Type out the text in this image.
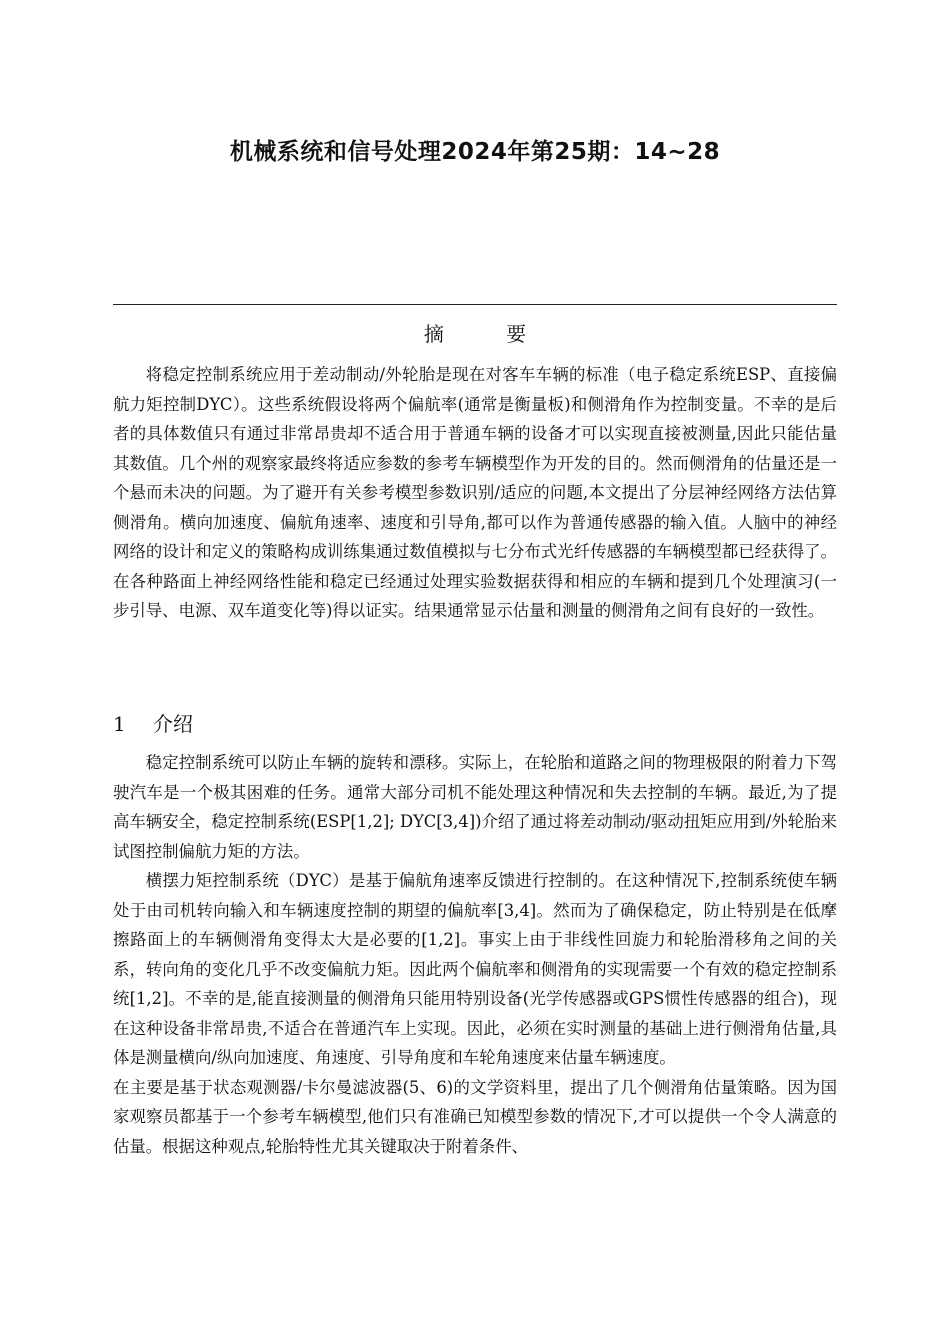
机械系统和信号处理2024年第25期：14~28
摘 要

将稳定控制系统应用于差动制动/外轮胎是现在对客车车辆的标准（电子稳定系统ESP、直接偏航力矩控制DYC）。这些系统假设将两个偏航率(通常是衡量板)和侧滑角作为控制变量。不幸的是后者的具体数值只有通过非常昂贵却不适合用于普通车辆的设备才可以实现直接被测量,因此只能估量其数值。几个州的观察家最终将适应参数的参考车辆模型作为开发的目的。然而侧滑角的估量还是一个悬而未决的问题。为了避开有关参考模型参数识别/适应的问题,本文提出了分层神经网络方法估算侧滑角。横向加速度、偏航角速率、速度和引导角,都可以作为普通传感器的输入值。人脑中的神经网络的设计和定义的策略构成训练集通过数值模拟与七分布式光纤传感器的车辆模型都已经获得了。在各种路面上神经网络性能和稳定已经通过处理实验数据获得和相应的车辆和提到几个处理演习(一步引导、电源、双车道变化等)得以证实。结果通常显示估量和测量的侧滑角之间有良好的一致性。

1 介绍

稳定控制系统可以防止车辆的旋转和漂移。实际上，在轮胎和道路之间的物理极限的附着力下驾驶汽车是一个极其困难的任务。通常大部分司机不能处理这种情况和失去控制的车辆。最近,为了提高车辆安全，稳定控制系统(ESP[1,2]; DYC[3,4])介绍了通过将差动制动/驱动扭矩应用到/外轮胎来试图控制偏航力矩的方法。

横摆力矩控制系统（DYC）是基于偏航角速率反馈进行控制的。在这种情况下,控制系统使车辆处于由司机转向输入和车辆速度控制的期望的偏航率[3,4]。然而为了确保稳定，防止特别是在低摩擦路面上的车辆侧滑角变得太大是必要的[1,2]。事实上由于非线性回旋力和轮胎滑移角之间的关系，转向角的变化几乎不改变偏航力矩。因此两个偏航率和侧滑角的实现需要一个有效的稳定控制系统[1,2]。不幸的是,能直接测量的侧滑角只能用特别设备(光学传感器或GPS惯性传感器的组合)，现在这种设备非常昂贵,不适合在普通汽车上实现。因此，必须在实时测量的基础上进行侧滑角估量,具体是测量横向/纵向加速度、角速度、引导角度和车轮角速度来估量车辆速度。

在主要是基于状态观测器/卡尔曼滤波器(5、6)的文学资料里，提出了几个侧滑角估量策略。因为国家观察员都基于一个参考车辆模型,他们只有准确已知模型参数的情况下,才可以提供一个令人满意的估量。根据这种观点,轮胎特性尤其关键取决于附着条件、
